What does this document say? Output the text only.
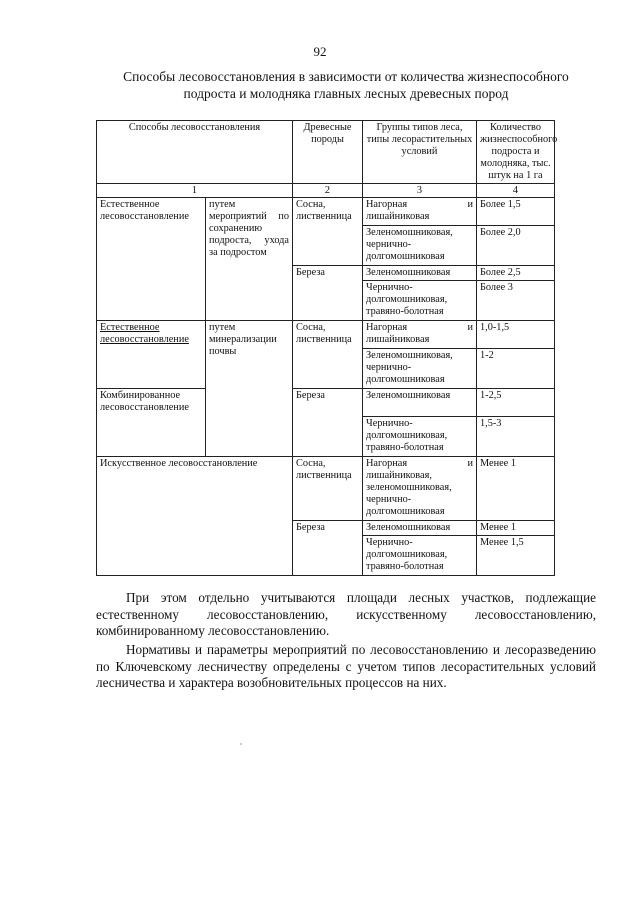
92
Способы лесовосстановления в зависимости от количества жизнеспособного
подроста и молодняка главных лесных древесных пород
Способы лесовосстановления		Древесные породы	Группы типов леса, типы лесорастительных условий	Количество жизнеспособного подроста и молодняка, тыс. штук на 1 га
1		2	3	4
Естественное лесовосстановление	путем мероприятий по сохранению подроста, ухода за подростом	Сосна, лиственница	Нагорная и лишайниковая	Более 1,5
			Зеленомошниковая, чернично-долгомошниковая	Более 2,0
		Береза	Зеленомошниковая	Более 2,5
			Чернично-долгомошниковая, травяно-болотная	Более 3
Естественное лесовосстановление	путем минерализации почвы	Сосна, лиственница	Нагорная и лишайниковая	1,0-1,5
			Зеленомошниковая, чернично-долгомошниковая	1-2
Комбинированное лесовосстановление		Береза	Зеленомошниковая	1-2,5
			Чернично-долгомошниковая, травяно-болотная	1,5-3
Искусственное лесовосстановление		Сосна, лиственница	Нагорная и лишайниковая, зеленомошниковая, чернично-долгомошниковая	Менее 1
		Береза	Зеленомошниковая	Менее 1
			Чернично-долгомошниковая, травяно-болотная	Менее 1,5

При этом отдельно учитываются площади лесных участков, подлежащие естественному лесовосстановлению, искусственному лесовосстановлению, комбинированному лесовосстановлению.

Нормативы и параметры мероприятий по лесовосстановлению и лесоразведению по Ключевскому лесничеству определены с учетом типов лесорастительных условий лесничества и характера возобновительных процессов на них.
